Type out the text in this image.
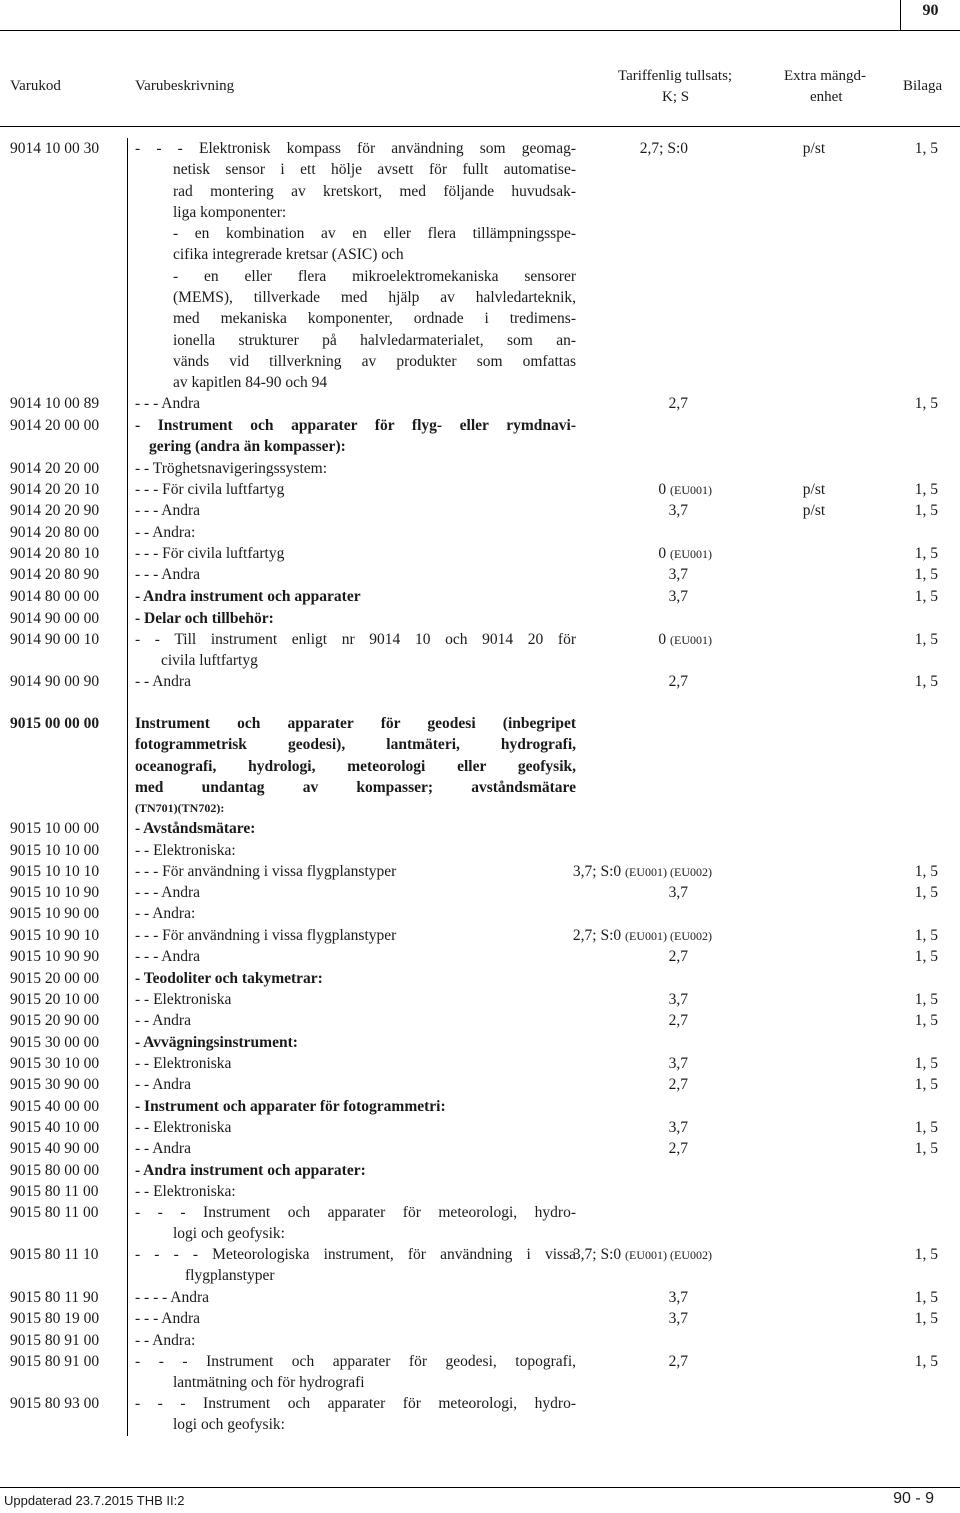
90
Varukod	Varubeskrivning
Tariffenlig tullsats;
K; S
Extra mängd-
enhet
Bilaga
9014 10 00 30 - - - Elektronisk kompass för användning som geomag-
netisk sensor i ett hölje avsett för fullt automatise-
rad montering av kretskort, med följande huvudsak-
liga komponenter:
- en kombination av en eller flera tillämpningsspe-
cifika integrerade kretsar (ASIC) och
- en eller flera mikroelektromekaniska sensorer
(MEMS), tillverkade med hjälp av halvledarteknik,
med mekaniska komponenter, ordnade i tredimens-
ionella strukturer på halvledarmaterialet, som an-
vänds vid tillverkning av produkter som omfattas
av kapitlen 84-90 och 94
2,7; S:0	p/st	1, 5
9014 10 00 89 - - - Andra	2,7	1, 5
9014 20 00 00 - Instrument och apparater för flyg- eller rymdnavi-
gering (andra än kompasser):
9014 20 20 00 - - Tröghetsnavigeringssystem:
9014 20 20 10 - - - För civila luftfartyg	0 (EU001)	p/st	1, 5
9014 20 20 90 - - - Andra	3,7	p/st	1, 5
9014 20 80 00 - - Andra:
9014 20 80 10 - - - För civila luftfartyg	0 (EU001)	1, 5
9014 20 80 90 - - - Andra	3,7	1, 5
9014 80 00 00 - Andra instrument och apparater	3,7	1, 5
9014 90 00 00 - Delar och tillbehör:
9014 90 00 10 - - Till instrument enligt nr 9014 10 och 9014 20 för
civila luftfartyg
0 (EU001)	1, 5
9014 90 00 90 - - Andra	2,7	1, 5
9015 00 00 00 Instrument och apparater för geodesi (inbegripet
fotogrammetrisk geodesi), lantmäteri, hydrografi,
oceanografi, hydrologi, meteorologi eller geofysik,
med undantag av kompasser; avståndsmätare
(TN701)(TN702):
9015 10 00 00 - Avståndsmätare:
9015 10 10 00 - - Elektroniska:
9015 10 10 10 - - - För användning i vissa flygplanstyper	3,7; S:0 (EU001) (EU002)	1, 5
9015 10 10 90 - - - Andra	3,7	1, 5
9015 10 90 00 - - Andra:
9015 10 90 10 - - - För användning i vissa flygplanstyper	2,7; S:0 (EU001) (EU002)	1, 5
9015 10 90 90 - - - Andra	2,7	1, 5
9015 20 00 00 - Teodoliter och takymetrar:
9015 20 10 00 - - Elektroniska	3,7	1, 5
9015 20 90 00 - - Andra	2,7	1, 5
9015 30 00 00 - Avvägningsinstrument:
9015 30 10 00 - - Elektroniska	3,7	1, 5
9015 30 90 00 - - Andra	2,7	1, 5
9015 40 00 00 - Instrument och apparater för fotogrammetri:
9015 40 10 00 - - Elektroniska	3,7	1, 5
9015 40 90 00 - - Andra	2,7	1, 5
9015 80 00 00 - Andra instrument och apparater:
9015 80 11 00 - - Elektroniska:
9015 80 11 00 - - - Instrument och apparater för meteorologi, hydro-
logi och geofysik:
9015 80 11 10 - - - - Meteorologiska instrument, för användning i vissa
flygplanstyper
3,7; S:0 (EU001) (EU002)	1, 5
9015 80 11 90 - - - - Andra	3,7	1, 5
9015 80 19 00 - - - Andra	3,7	1, 5
9015 80 91 00 - - Andra:
9015 80 91 00 - - - Instrument och apparater för geodesi, topografi,
lantmätning och för hydrografi
2,7	1, 5
9015 80 93 00 - - - Instrument och apparater för meteorologi, hydro-
logi och geofysik:
Uppdaterad 23.7.2015 THB II:2	90 - 9
